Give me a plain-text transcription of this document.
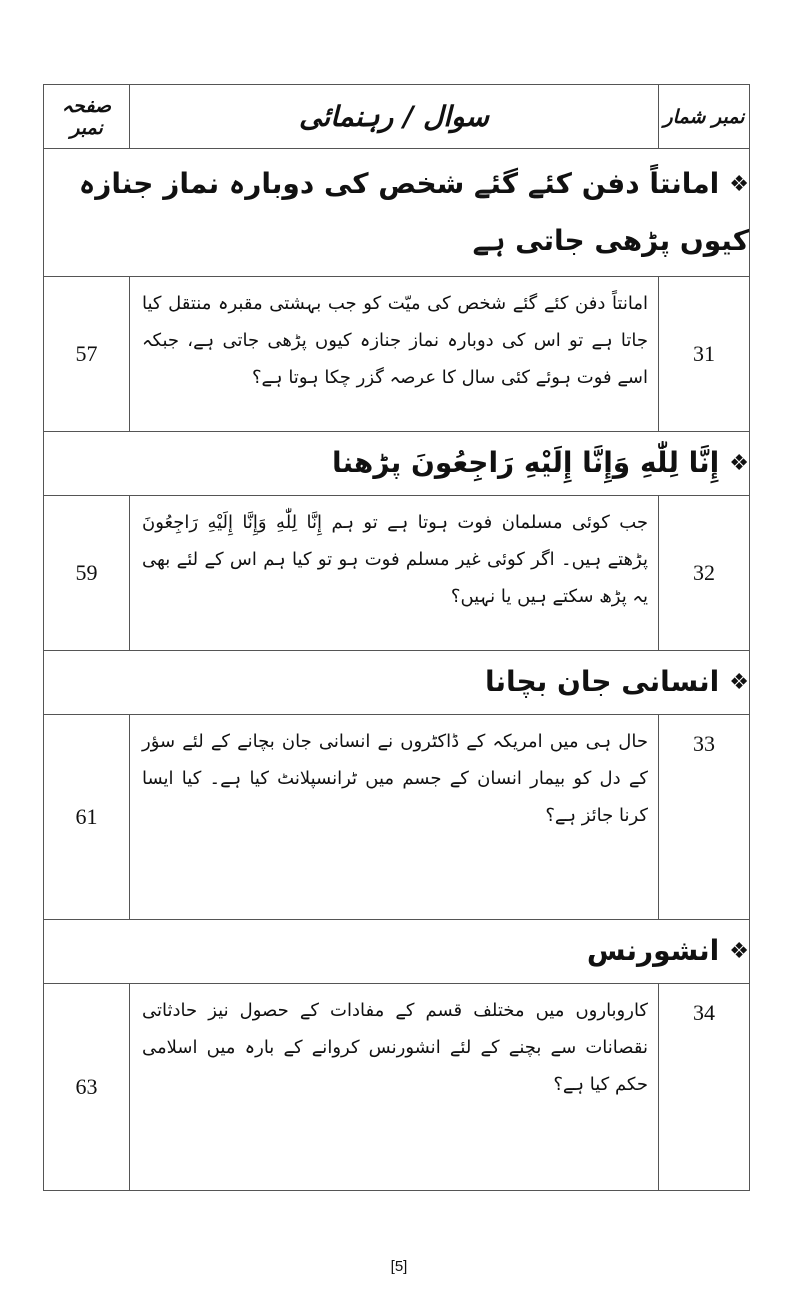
نمبر شمار	سوال / رہنمائی	صفحہ نمبر
❖امانتاً دفن کئے گئے شخص کی دوبارہ نماز جنازہ کیوں پڑھی جاتی ہے		
31	امانتاً دفن کئے گئے شخص کی میّت کو جب بہشتی مقبرہ منتقل کیا جاتا ہے تو اس کی دوبارہ نماز جنازہ کیوں پڑھی جاتی ہے، جبکہ اسے فوت ہوئے کئی سال کا عرصہ گزر چکا ہوتا ہے؟	57
❖إِنَّا لِلّٰهِ وَإِنَّا إِلَيْهِ رَاجِعُونَ پڑھنا		
32	جب کوئی مسلمان فوت ہوتا ہے تو ہم إِنَّا لِلّٰهِ وَإِنَّا إِلَيْهِ رَاجِعُونَ پڑھتے ہیں۔ اگر کوئی غیر مسلم فوت ہو تو کیا ہم اس کے لئے بھی یہ پڑھ سکتے ہیں یا نہیں؟	59
❖انسانی جان بچانا		
33	حال ہی میں امریکہ کے ڈاکٹروں نے انسانی جان بچانے کے لئے سؤر کے دل کو بیمار انسان کے جسم میں ٹرانسپلانٹ کیا ہے۔ کیا ایسا کرنا جائز ہے؟	61
❖انشورنس		
34	کاروباروں میں مختلف قسم کے مفادات کے حصول نیز حادثاتی نقصانات سے بچنے کے لئے انشورنس کروانے کے بارہ میں اسلامی حکم کیا ہے؟	63
[5]
